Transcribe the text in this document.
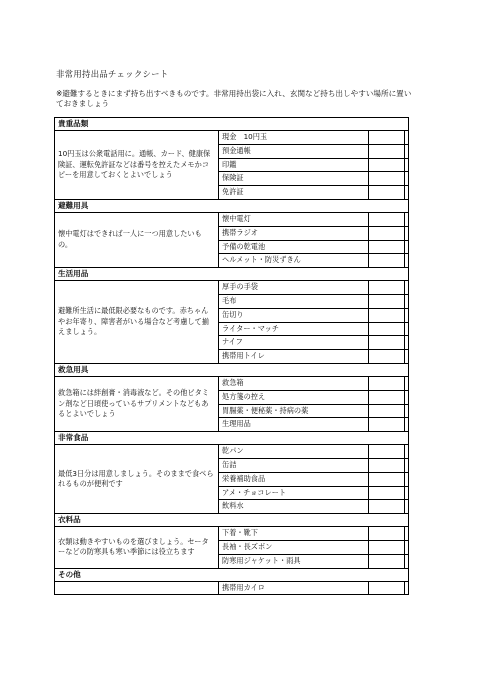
非常用持出品チェックシート
※避難するときにまず持ち出すべきものです。非常用持出袋に入れ、玄関など持ち出しやすい場所に置いておきましょう
貴重品類
10円玉は公衆電話用に。通帳、カード、健康保険証、運転免許証などは番号を控えたメモかコピーを用意しておくとよいでしょう
現金　10円玉
預金通帳
印鑑
保険証
免許証
避難用具
懐中電灯はできれば一人に一つ用意したいもの。
懐中電灯
携帯ラジオ
予備の乾電池
ヘルメット・防災ずきん
生活用品
避難所生活に最低限必要なものです。赤ちゃんやお年寄り、障害者がいる場合など考慮して揃えましょう。
厚手の手袋
毛布
缶切り
ライター・マッチ
ナイフ
携帯用トイレ
救急用具
救急箱には絆創膏・消毒液など。その他ビタミン剤など日頃使っているサプリメントなどもあるとよいでしょう
救急箱
処方箋の控え
胃腸薬・便秘薬・持病の薬
生理用品
非常食品
最低3日分は用意しましょう。そのままで食べられるものが便利です
乾パン
缶詰
栄養補助食品
アメ・チョコレート
飲料水
衣料品
衣類は動きやすいものを選びましょう。セーターなどの防寒具も寒い季節には役立ちます
下着・靴下
長袖・長ズボン
防寒用ジャケット・雨具
その他
携帯用カイロ
